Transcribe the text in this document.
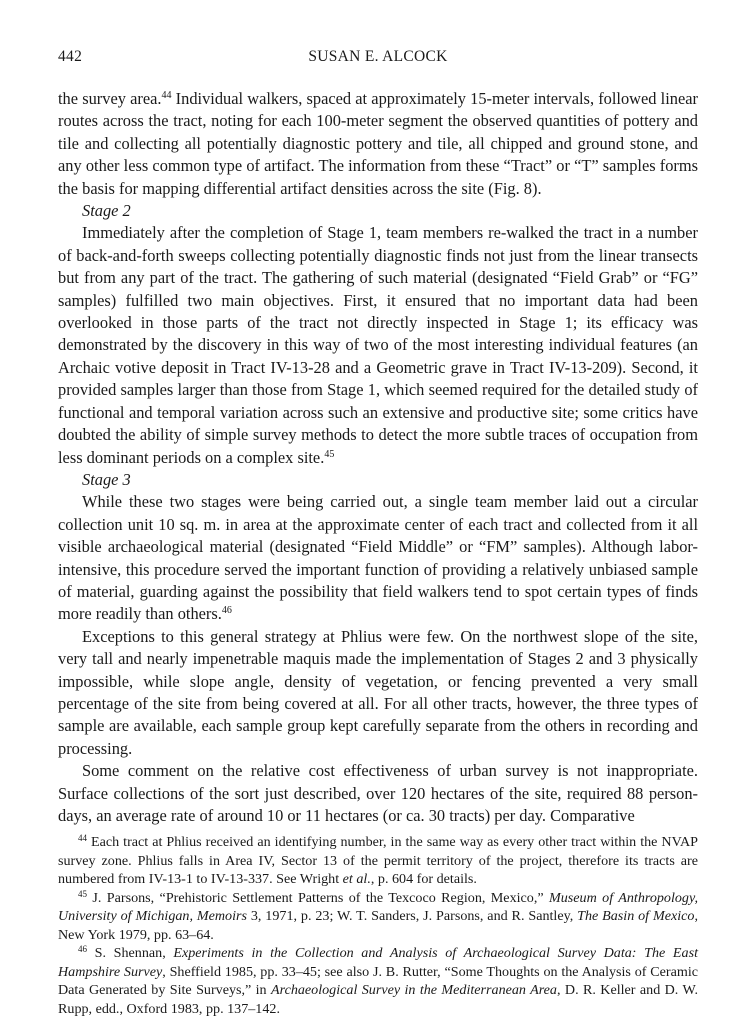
442	SUSAN E. ALCOCK

the survey area.$^{44}$ Individual walkers, spaced at approximately 15-meter intervals, followed linear routes across the tract, noting for each 100-meter segment the observed quantities of pottery and tile and collecting all potentially diagnostic pottery and tile, all chipped and ground stone, and any other less common type of artifact. The information from these “Tract” or “T” samples forms the basis for mapping differential artifact densities across the site (Fig. 8).

Stage 2

Immediately after the completion of Stage 1, team members re-walked the tract in a number of back-and-forth sweeps collecting potentially diagnostic finds not just from the linear transects but from any part of the tract. The gathering of such material (designated “Field Grab” or “FG” samples) fulfilled two main objectives. First, it ensured that no important data had been overlooked in those parts of the tract not directly inspected in Stage 1; its efficacy was demonstrated by the discovery in this way of two of the most interesting individual features (an Archaic votive deposit in Tract IV-13-28 and a Geometric grave in Tract IV-13-209). Second, it provided samples larger than those from Stage 1, which seemed required for the detailed study of functional and temporal variation across such an extensive and productive site; some critics have doubted the ability of simple survey methods to detect the more subtle traces of occupation from less dominant periods on a complex site.$^{45}$

Stage 3

While these two stages were being carried out, a single team member laid out a circular collection unit 10 sq. m. in area at the approximate center of each tract and collected from it all visible archaeological material (designated “Field Middle” or “FM” samples). Although labor-intensive, this procedure served the important function of providing a relatively unbiased sample of material, guarding against the possibility that field walkers tend to spot certain types of finds more readily than others.$^{46}$

Exceptions to this general strategy at Phlius were few. On the northwest slope of the site, very tall and nearly impenetrable maquis made the implementation of Stages 2 and 3 physically impossible, while slope angle, density of vegetation, or fencing prevented a very small percentage of the site from being covered at all. For all other tracts, however, the three types of sample are available, each sample group kept carefully separate from the others in recording and processing.

Some comment on the relative cost effectiveness of urban survey is not inappropriate. Surface collections of the sort just described, over 120 hectares of the site, required 88 person-days, an average rate of around 10 or 11 hectares (or ca. 30 tracts) per day. Comparative

$^{44}$ Each tract at Phlius received an identifying number, in the same way as every other tract within the NVAP survey zone. Phlius falls in Area IV, Sector 13 of the permit territory of the project, therefore its tracts are numbered from IV-13-1 to IV-13-337. See Wright et al., p. 604 for details.

$^{45}$ J. Parsons, “Prehistoric Settlement Patterns of the Texcoco Region, Mexico,” Museum of Anthropology, University of Michigan, Memoirs 3, 1971, p. 23; W. T. Sanders, J. Parsons, and R. Santley, The Basin of Mexico, New York 1979, pp. 63–64.

$^{46}$ S. Shennan, Experiments in the Collection and Analysis of Archaeological Survey Data: The East Hampshire Survey, Sheffield 1985, pp. 33–45; see also J. B. Rutter, “Some Thoughts on the Analysis of Ceramic Data Generated by Site Surveys,” in Archaeological Survey in the Mediterranean Area, D. R. Keller and D. W. Rupp, edd., Oxford 1983, pp. 137–142.
